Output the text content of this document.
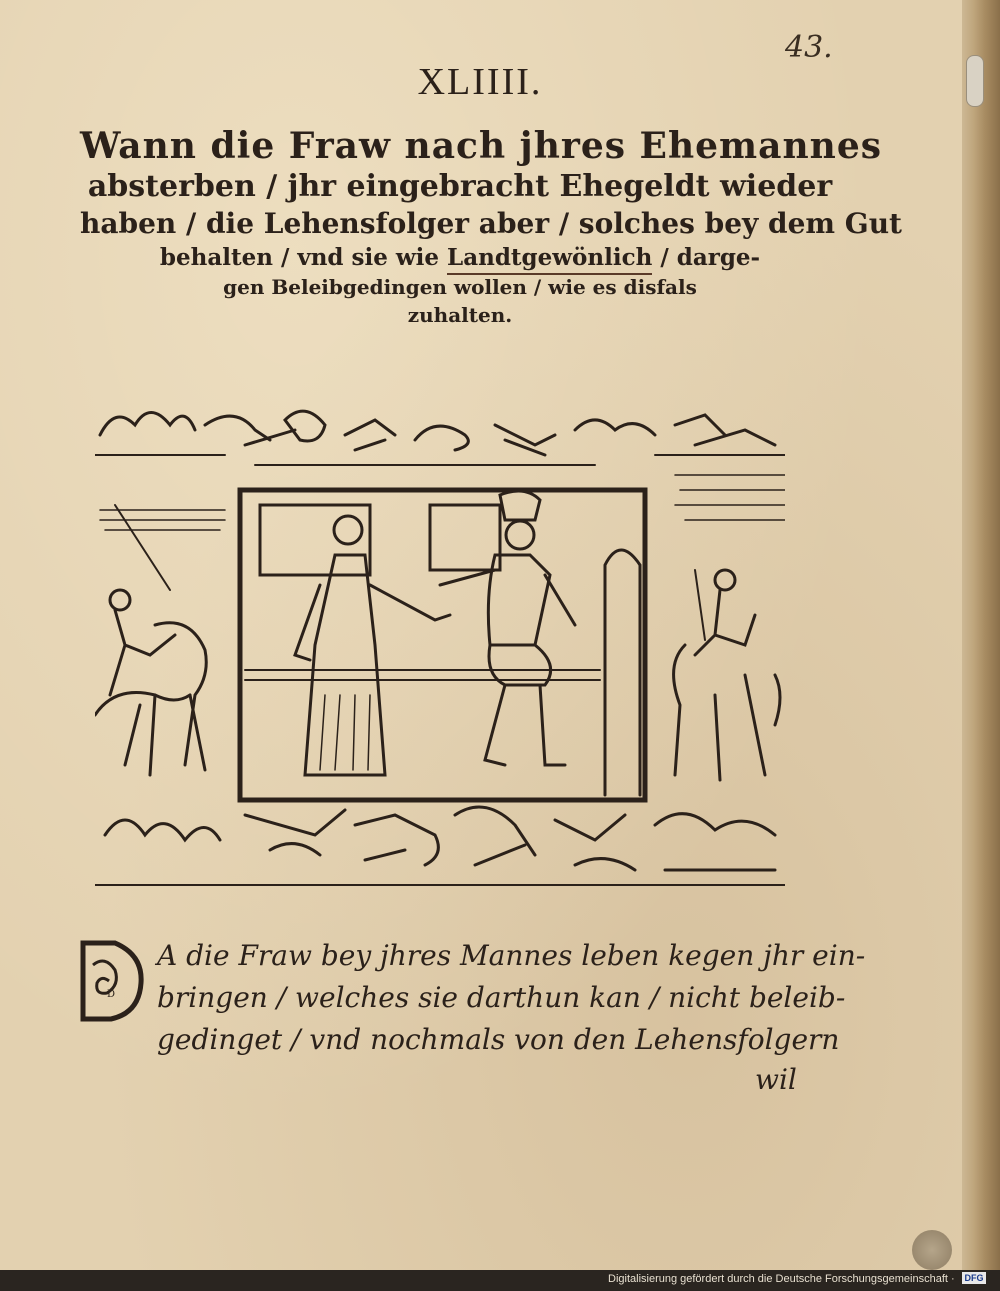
43.
XLIIII.
Wann die Fraw nach jhres Ehemannes
absterben / jhr eingebracht Ehegeldt wieder
haben / die Lehensfolger aber / solches bey dem Gut
behalten / vnd sie wie Landtgewönlich / darge-
gen Beleibgedingen wollen / wie es disfals
zuhalten.
D
A die Fraw bey jhres Mannes leben kegen jhr ein-
bringen / welches sie darthun kan / nicht beleib-
gedinget / vnd nochmals von den Lehensfolgern
wil
Digitalisierung gefördert durch die Deutsche Forschungsgemeinschaft · DFG
